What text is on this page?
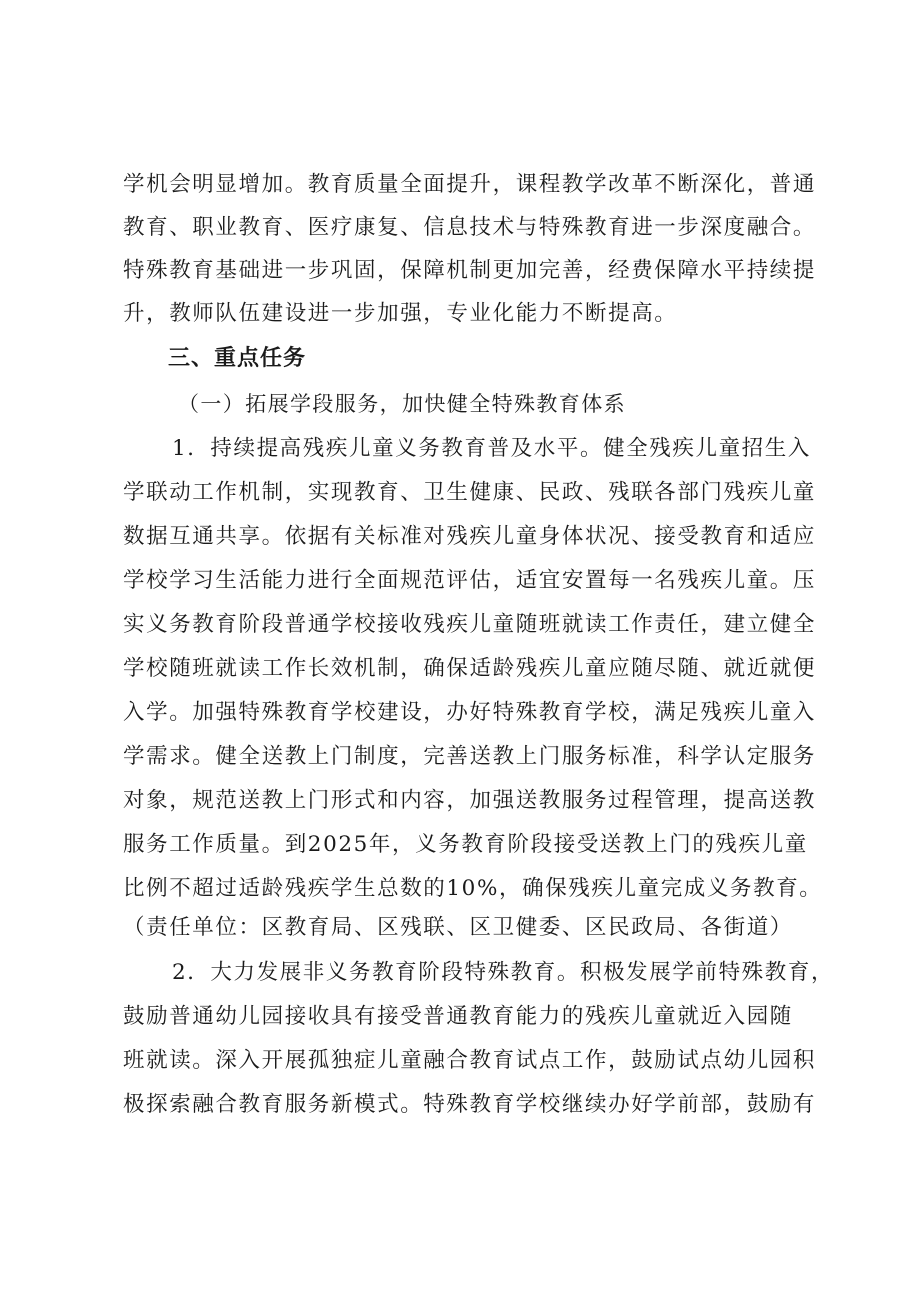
学机会明显增加。教育质量全面提升，课程教学改革不断深化，普通
教育、职业教育、医疗康复、信息技术与特殊教育进一步深度融合。
特殊教育基础进一步巩固，保障机制更加完善，经费保障水平持续提
升，教师队伍建设进一步加强，专业化能力不断提高。
三、重点任务
（一）拓展学段服务，加快健全特殊教育体系
1．持续提高残疾儿童义务教育普及水平。健全残疾儿童招生入
学联动工作机制，实现教育、卫生健康、民政、残联各部门残疾儿童
数据互通共享。依据有关标准对残疾儿童身体状况、接受教育和适应
学校学习生活能力进行全面规范评估，适宜安置每一名残疾儿童。压
实义务教育阶段普通学校接收残疾儿童随班就读工作责任，建立健全
学校随班就读工作长效机制，确保适龄残疾儿童应随尽随、就近就便
入学。加强特殊教育学校建设，办好特殊教育学校，满足残疾儿童入
学需求。健全送教上门制度，完善送教上门服务标准，科学认定服务
对象，规范送教上门形式和内容，加强送教服务过程管理，提高送教
服务工作质量。到2025年，义务教育阶段接受送教上门的残疾儿童
比例不超过适龄残疾学生总数的10%，确保残疾儿童完成义务教育。
（责任单位：区教育局、区残联、区卫健委、区民政局、各街道）
2．大力发展非义务教育阶段特殊教育。积极发展学前特殊教育，
鼓励普通幼儿园接收具有接受普通教育能力的残疾儿童就近入园随
班就读。深入开展孤独症儿童融合教育试点工作，鼓励试点幼儿园积
极探索融合教育服务新模式。特殊教育学校继续办好学前部，鼓励有
